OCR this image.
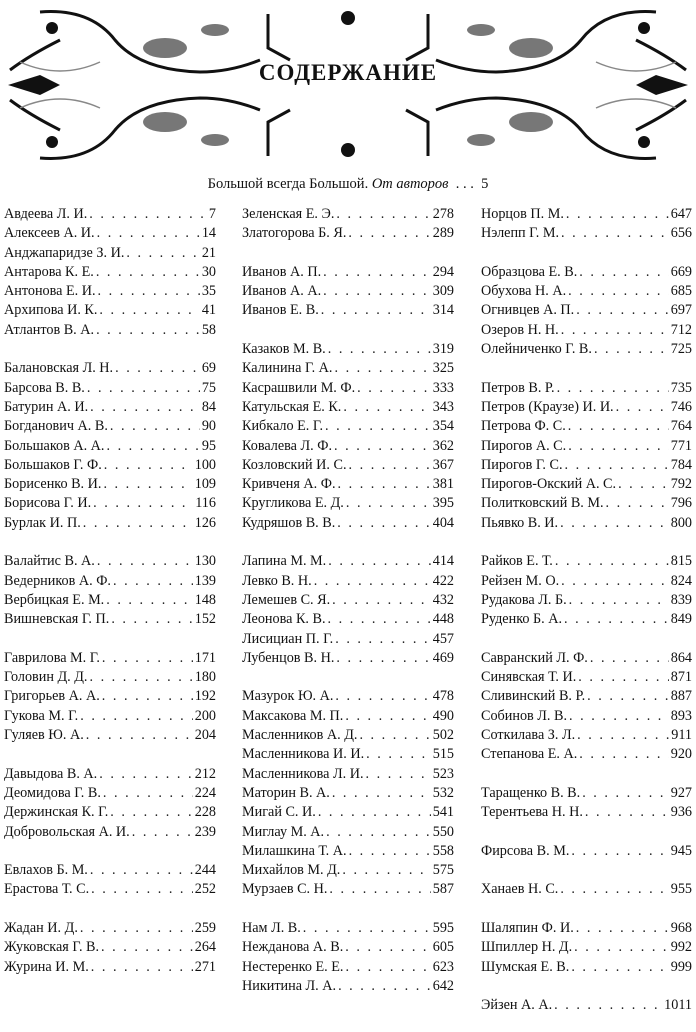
СОДЕРЖАНИЕ
Большой всегда Большой. От авторов  . . .  5
Авдеева Л. И. . . .	7
Алексеев А. И. . . .	14
Анджапаридзе З. И. . . .	21
Антарова К. Е. . . .	30
Антонова Е. И. . . .	35
Архипова И. К. . . .	41
Атлантов В. А. . . .	58
Балановская Л. Н. . . .	69
Барсова В. В. . . .	75
Батурин А. И. . . .	84
Богданович А. В. . . .	90
Большаков А. А. . . .	95
Большаков Г. Ф. . . .	100
Борисенко В. И. . . .	109
Борисова Г. И. . . .	116
Бурлак И. П. . . .	126
Валайтис В. А. . . .	130
Ведерников А. Ф. . . .	139
Вербицкая Е. М. . . .	148
Вишневская Г. П. . . .	152
Гаврилова М. Г. . . .	171
Головин Д. Д. . . .	180
Григорьев А. А. . . .	192
Гукова М. Г. . . .	200
Гуляев Ю. А. . . .	204
Давыдова В. А. . . .	212
Деомидова Г. В. . . .	224
Держинская К. Г. . . .	228
Добровольская А. И. . . .	239
Евлахов Б. М. . . .	244
Ерастова Т. С. . . .	252
Жадан И. Д. . . .	259
Жуковская Г. В. . . .	264
Журина И. М. . . .	271
Зеленская Е. Э. . . .	278
Златогорова Б. Я. . . .	289
Иванов А. П. . . .	294
Иванов А. А. . . .	309
Иванов Е. В. . . .	314
Казаков М. В. . . .	319
Калинина Г. А. . . .	325
Касрашвили М. Ф. . . .	333
Катульская Е. К. . . .	343
Кибкало Е. Г. . . .	354
Ковалева Л. Ф. . . .	362
Козловский И. С. . . .	367
Кривченя А. Ф. . . .	381
Кругликова Е. Д. . . .	395
Кудряшов В. В. . . .	404
Лапина М. М. . . .	414
Левко В. Н. . . .	422
Лемешев С. Я. . . .	432
Леонова К. В. . . .	448
Лисициан П. Г. . . .	457
Лубенцов В. Н. . . .	469
Мазурок Ю. А. . . .	478
Максакова М. П. . . .	490
Масленников А. Д. . . .	502
Масленникова И. И. . . .	515
Масленникова Л. И. . . .	523
Маторин В. А. . . .	532
Мигай С. И. . . .	541
Миглау М. А. . . .	550
Милашкина Т. А. . . .	558
Михайлов М. Д. . . .	575
Мурзаев С. Н. . . .	587
Нам Л. В. . . .	595
Нежданова А. В. . . .	605
Нестеренко Е. Е. . . .	623
Никитина Л. А. . . .	642
Норцов П. М. . . .	647
Нэлепп Г. М. . . .	656
Образцова Е. В. . . .	669
Обухова Н. А. . . .	685
Огнивцев А. П. . . .	697
Озеров Н. Н. . . .	712
Олейниченко Г. В. . . .	725
Петров В. Р. . . .	735
Петров (Краузе) И. И. . . .	746
Петрова Ф. С. . . .	764
Пирогов А. С. . . .	771
Пирогов Г. С. . . .	784
Пирогов-Окский А. С. . . .	792
Политковский В. М. . . .	796
Пьявко В. И. . . .	800
Райков Е. Т. . . .	815
Рейзен М. О. . . .	824
Рудакова Л. Б. . . .	839
Руденко Б. А. . . .	849
Савранский Л. Ф. . . .	864
Синявская Т. И. . . .	871
Сливинский В. Р. . . .	887
Собинов Л. В. . . .	893
Соткилава З. Л. . . .	911
Степанова Е. А. . . .	920
Таращенко В. В. . . .	927
Терентьева Н. Н. . . .	936
Фирсова В. М. . . .	945
Ханаев Н. С. . . .	955
Шаляпин Ф. И. . . .	968
Шпиллер Н. Д. . . .	992
Шумская Е. В. . . .	999
Эйзен А. А. . . .	1011
